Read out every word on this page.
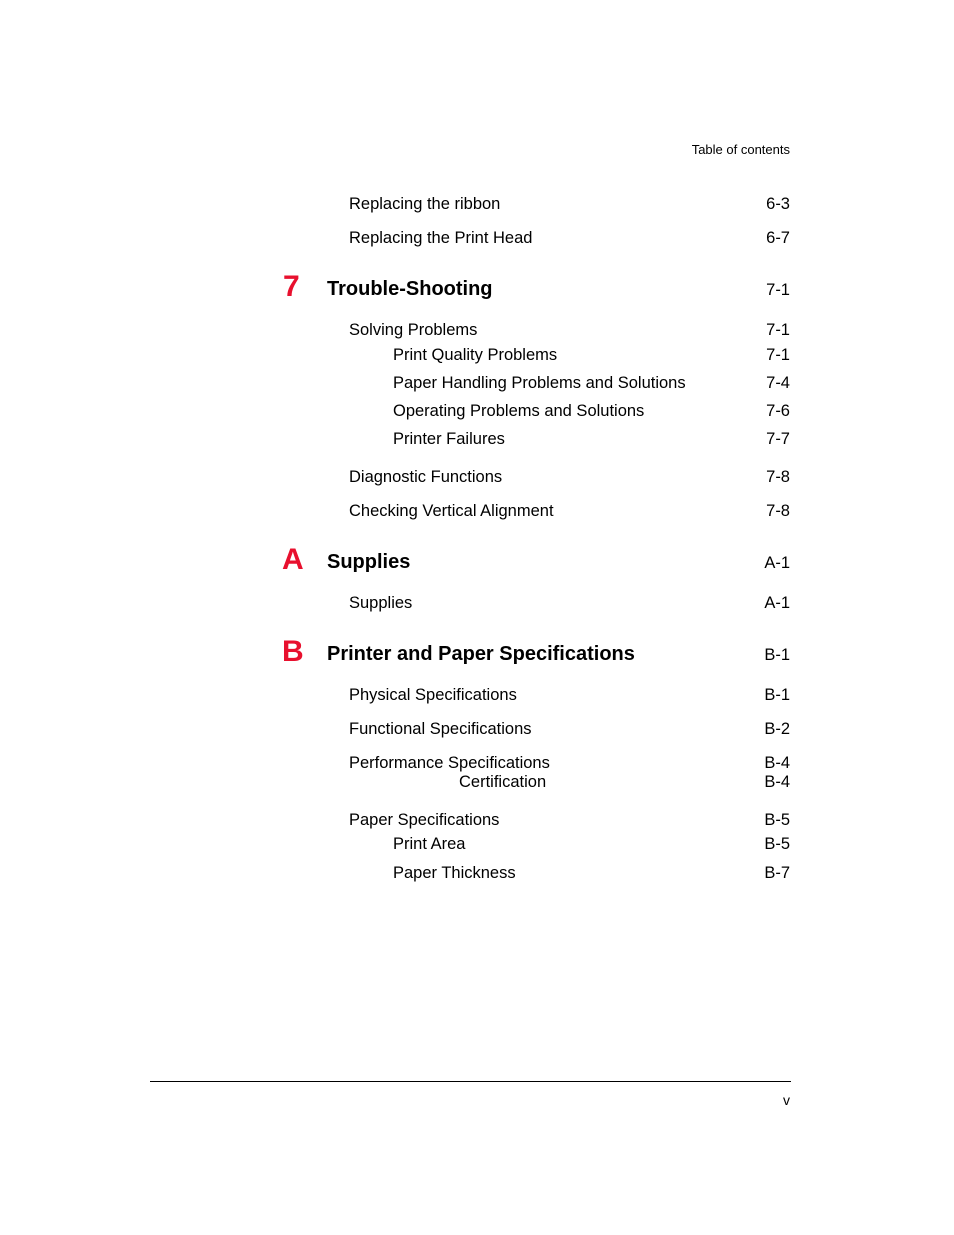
Table of contents
Replacing the ribbon	6-3
Replacing the Print Head	6-7
7 Trouble-Shooting	7-1
Solving Problems	7-1
Print Quality Problems	7-1
Paper Handling Problems and Solutions	7-4
Operating Problems and Solutions	7-6
Printer Failures	7-7
Diagnostic Functions	7-8
Checking Vertical Alignment	7-8
A Supplies	A-1
Supplies	A-1
B Printer and Paper Specifications	B-1
Physical Specifications	B-1
Functional Specifications	B-2
Performance Specifications	B-4
Certification	B-4
Paper Specifications	B-5
Print Area	B-5
Paper Thickness	B-7
v
